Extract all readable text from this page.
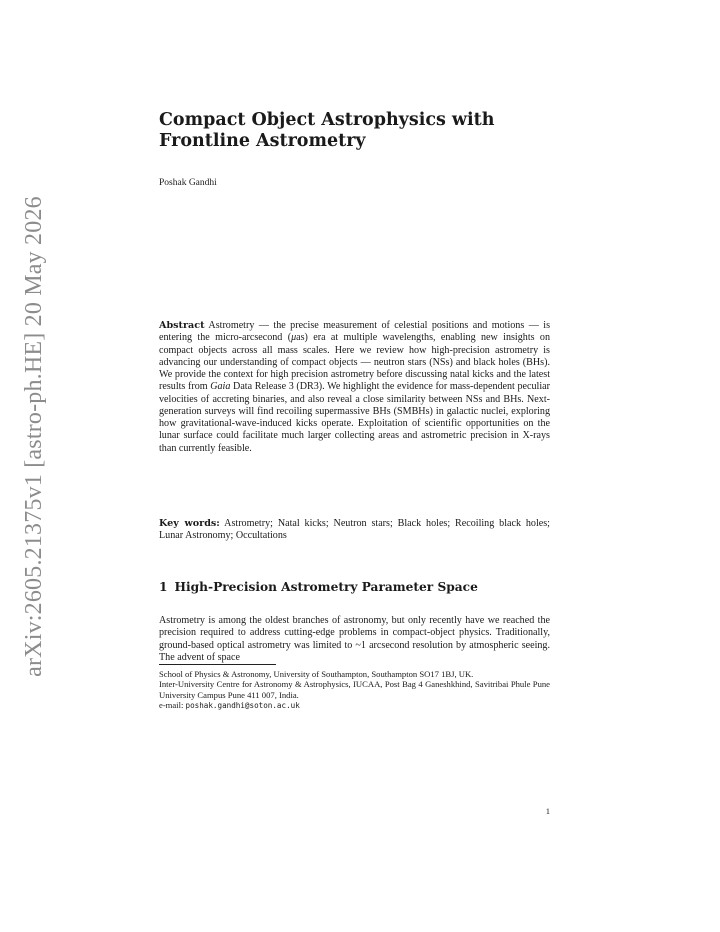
arXiv:2605.21375v1 [astro-ph.HE] 20 May 2026
Compact Object Astrophysics with
Frontline Astrometry
Poshak Gandhi

Abstract Astrometry — the precise measurement of celestial positions and motions — is entering the micro-arcsecond (μas) era at multiple wavelengths, enabling new insights on compact objects across all mass scales. Here we review how high-precision astrometry is advancing our understanding of compact objects — neutron stars (NSs) and black holes (BHs). We provide the context for high precision astrometry before discussing natal kicks and the latest results from Gaia Data Release 3 (DR3). We highlight the evidence for mass-dependent peculiar velocities of accreting binaries, and also reveal a close similarity between NSs and BHs. Next-generation surveys will find recoiling supermassive BHs (SMBHs) in galactic nuclei, exploring how gravitational-wave-induced kicks operate. Exploitation of scientific opportunities on the lunar surface could facilitate much larger collecting areas and astrometric precision in X-rays than currently feasible.

Key words: Astrometry; Natal kicks; Neutron stars; Black holes; Recoiling black holes; Lunar Astronomy; Occultations

1 High-Precision Astrometry Parameter Space

Astrometry is among the oldest branches of astronomy, but only recently have we reached the precision required to address cutting-edge problems in compact-object physics. Traditionally, ground-based optical astrometry was limited to ~1 arcsecond resolution by atmospheric seeing. The advent of space

School of Physics & Astronomy, University of Southampton, Southampton SO17 1BJ, UK.

Inter-University Centre for Astronomy & Astrophysics, IUCAA, Post Bag 4 Ganeshkhind, Savitribai Phule Pune University Campus Pune 411 007, India.

e-mail: poshak.gandhi@soton.ac.uk

1
